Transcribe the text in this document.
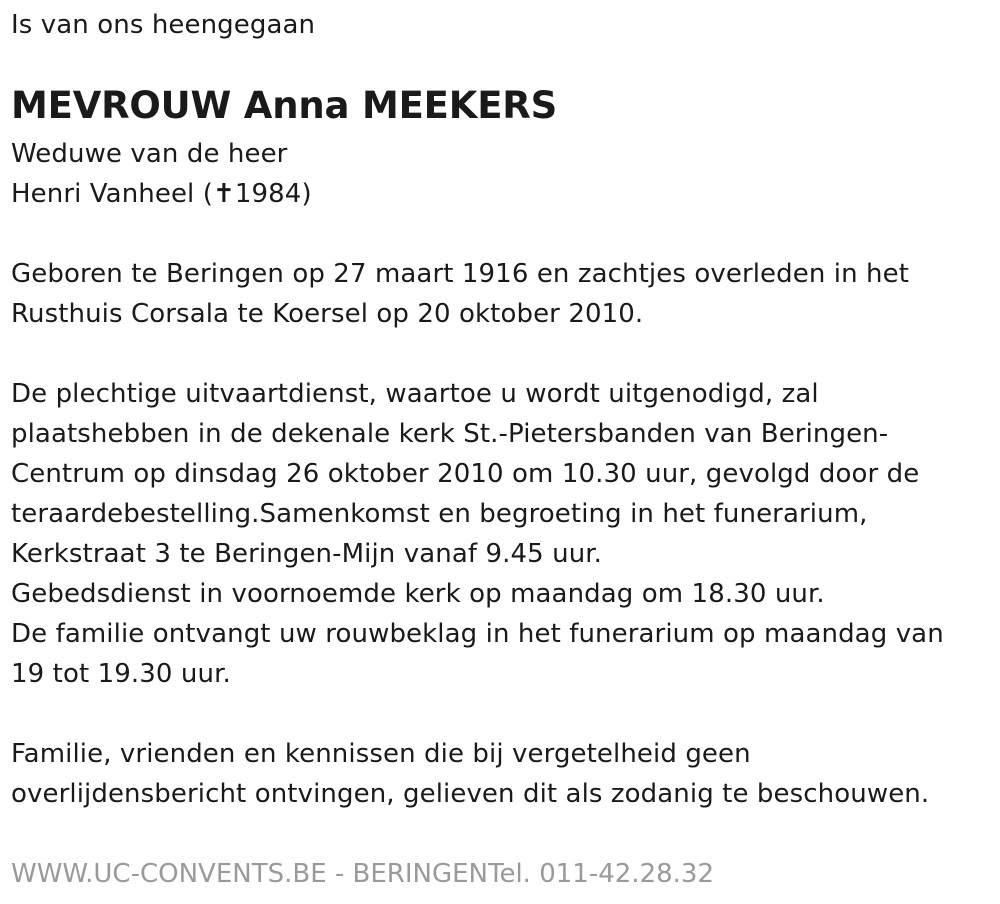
Is van ons heengegaan
MEVROUW Anna MEEKERS
Weduwe van de heer
Henri Vanheel (✝1984)
Geboren te Beringen op 27 maart 1916 en zachtjes overleden in het
Rusthuis Corsala te Koersel op 20 oktober 2010.
De plechtige uitvaartdienst, waartoe u wordt uitgenodigd, zal
plaatshebben in de dekenale kerk St.-Pietersbanden van Beringen-
Centrum op dinsdag 26 oktober 2010 om 10.30 uur, gevolgd door de
teraardebestelling.Samenkomst en begroeting in het funerarium,
Kerkstraat 3 te Beringen-Mijn vanaf 9.45 uur.
Gebedsdienst in voornoemde kerk op maandag om 18.30 uur.
De familie ontvangt uw rouwbeklag in het funerarium op maandag van
19 tot 19.30 uur.
Familie, vrienden en kennissen die bij vergetelheid geen
overlijdensbericht ontvingen, gelieven dit als zodanig te beschouwen.
WWW.UC-CONVENTS.BE - BERINGENTel. 011-42.28.32
